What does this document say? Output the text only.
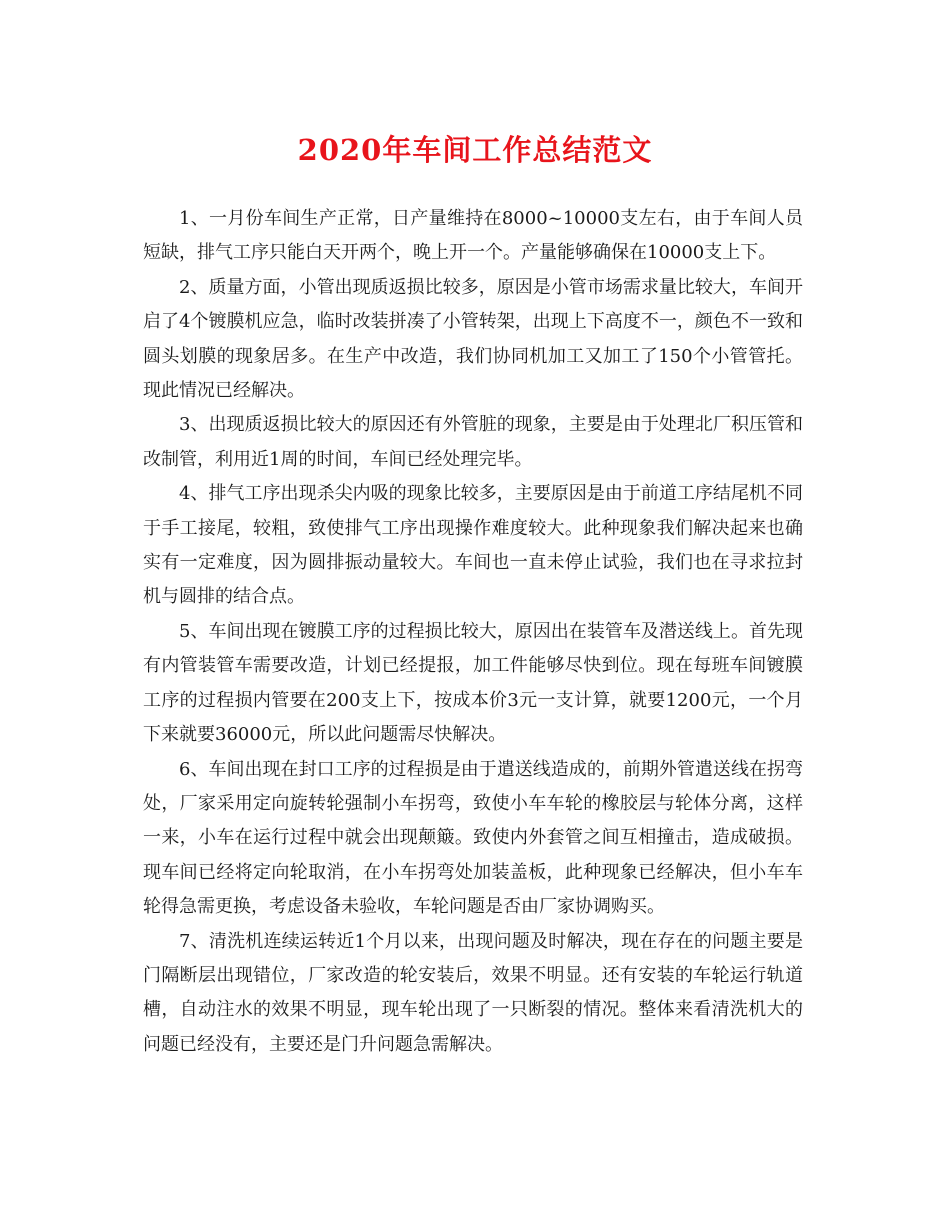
2020年车间工作总结范文

1、一月份车间生产正常，日产量维持在8000~10000支左右，由于车间人员短缺，排气工序只能白天开两个，晚上开一个。产量能够确保在10000支上下。

2、质量方面，小管出现质返损比较多，原因是小管市场需求量比较大，车间开启了4个镀膜机应急，临时改装拼凑了小管转架，出现上下高度不一，颜色不一致和圆头划膜的现象居多。在生产中改造，我们协同机加工又加工了150个小管管托。现此情况已经解决。

3、出现质返损比较大的原因还有外管脏的现象，主要是由于处理北厂积压管和改制管，利用近1周的时间，车间已经处理完毕。

4、排气工序出现杀尖内吸的现象比较多，主要原因是由于前道工序结尾机不同于手工接尾，较粗，致使排气工序出现操作难度较大。此种现象我们解决起来也确实有一定难度，因为圆排振动量较大。车间也一直未停止试验，我们也在寻求拉封机与圆排的结合点。

5、车间出现在镀膜工序的过程损比较大，原因出在装管车及潜送线上。首先现有内管装管车需要改造，计划已经提报，加工件能够尽快到位。现在每班车间镀膜工序的过程损内管要在200支上下，按成本价3元一支计算，就要1200元，一个月下来就要36000元，所以此问题需尽快解决。

6、车间出现在封口工序的过程损是由于遣送线造成的，前期外管遣送线在拐弯处，厂家采用定向旋转轮强制小车拐弯，致使小车车轮的橡胶层与轮体分离，这样一来，小车在运行过程中就会出现颠簸。致使内外套管之间互相撞击，造成破损。现车间已经将定向轮取消，在小车拐弯处加装盖板，此种现象已经解决，但小车车轮得急需更换，考虑设备未验收，车轮问题是否由厂家协调购买。

7、清洗机连续运转近1个月以来，出现问题及时解决，现在存在的问题主要是门隔断层出现错位，厂家改造的轮安装后，效果不明显。还有安装的车轮运行轨道槽，自动注水的效果不明显，现车轮出现了一只断裂的情况。整体来看清洗机大的问题已经没有，主要还是门升问题急需解决。
